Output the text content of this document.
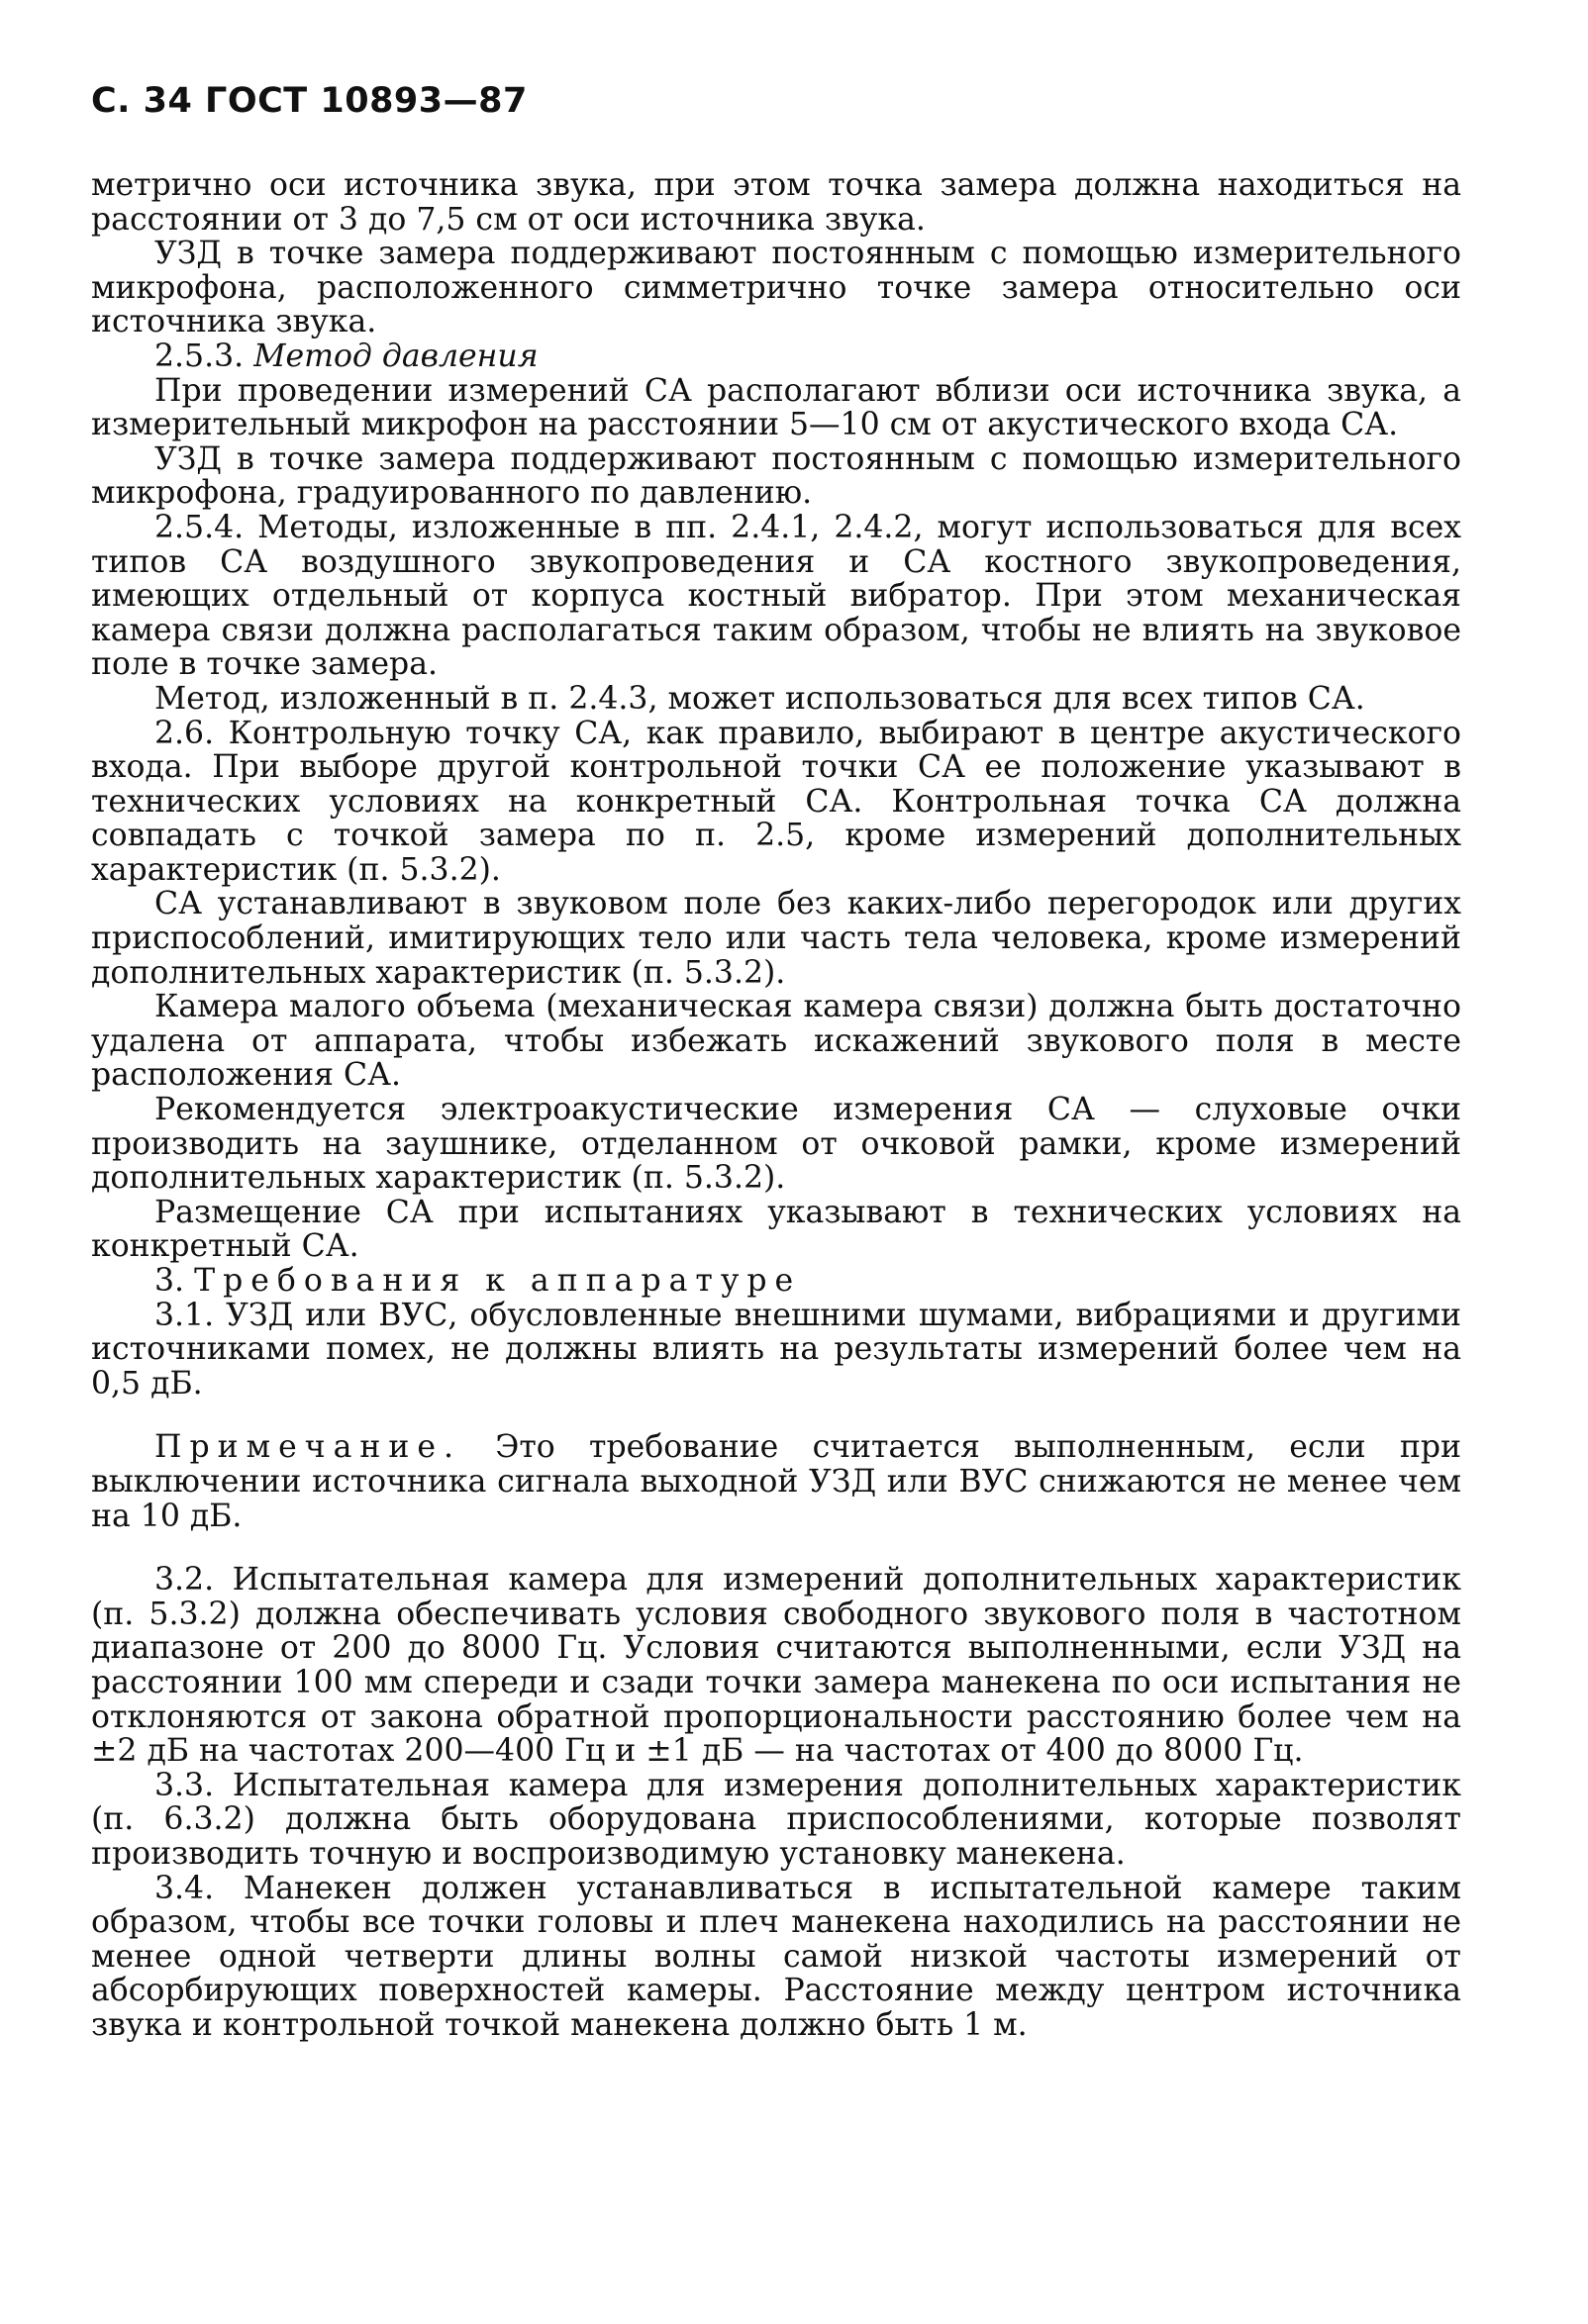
С. 34 ГОСТ 10893—87

метрично оси источника звука, при этом точка замера должна находиться на расстоянии от 3 до 7,5 см от оси источника звука.

УЗД в точке замера поддерживают постоянным с помощью измерительного микрофона, расположенного симметрично точке замера относительно оси источника звука.

2.5.3. Метод давления

При проведении измерений СА располагают вблизи оси источника звука, а измерительный микрофон на расстоянии 5—10 см от акустического входа СА.

УЗД в точке замера поддерживают постоянным с помощью измерительного микрофона, градуированного по давлению.

2.5.4. Методы, изложенные в пп. 2.4.1, 2.4.2, могут использоваться для всех типов СА воздушного звукопроведения и СА костного звукопроведения, имеющих отдельный от корпуса костный вибратор. При этом механическая камера связи должна располагаться таким образом, чтобы не влиять на звуковое поле в точке замера.

Метод, изложенный в п. 2.4.3, может использоваться для всех типов СА.

2.6. Контрольную точку СА, как правило, выбирают в центре акустического входа. При выборе другой контрольной точки СА ее положение указывают в технических условиях на конкретный СА. Контрольная точка СА должна совпадать с точкой замера по п. 2.5, кроме измерений дополнительных характеристик (п. 5.3.2).

СА устанавливают в звуковом поле без каких-либо перегородок или других приспособлений, имитирующих тело или часть тела человека, кроме измерений дополнительных характеристик (п. 5.3.2).

Камера малого объема (механическая камера связи) должна быть достаточно удалена от аппарата, чтобы избежать искажений звукового поля в месте расположения СА.

Рекомендуется электроакустические измерения СА — слуховые очки производить на заушнике, отделанном от очковой рамки, кроме измерений дополнительных характеристик (п. 5.3.2).

Размещение СА при испытаниях указывают в технических условиях на конкретный СА.

3. Требования к аппаратуре

3.1. УЗД или ВУС, обусловленные внешними шумами, вибрациями и другими источниками помех, не должны влиять на результаты измерений более чем на 0,5 дБ.

Примечание. Это требование считается выполненным, если при выключении источника сигнала выходной УЗД или ВУС снижаются не менее чем на 10 дБ.

3.2. Испытательная камера для измерений дополнительных характеристик (п. 5.3.2) должна обеспечивать условия свободного звукового поля в частотном диапазоне от 200 до 8000 Гц. Условия считаются выполненными, если УЗД на расстоянии 100 мм спереди и сзади точки замера манекена по оси испытания не отклоняются от закона обратной пропорциональности расстоянию более чем на ±2 дБ на частотах 200—400 Гц и ±1 дБ — на частотах от 400 до 8000 Гц.

3.3. Испытательная камера для измерения дополнительных характеристик (п. 6.3.2) должна быть оборудована приспособлениями, которые позволят производить точную и воспроизводимую установку манекена.

3.4. Манекен должен устанавливаться в испытательной камере таким образом, чтобы все точки головы и плеч манекена находились на расстоянии не менее одной четверти длины волны самой низкой частоты измерений от абсорбирующих поверхностей камеры. Расстояние между центром источника звука и контрольной точкой манекена должно быть 1 м.
